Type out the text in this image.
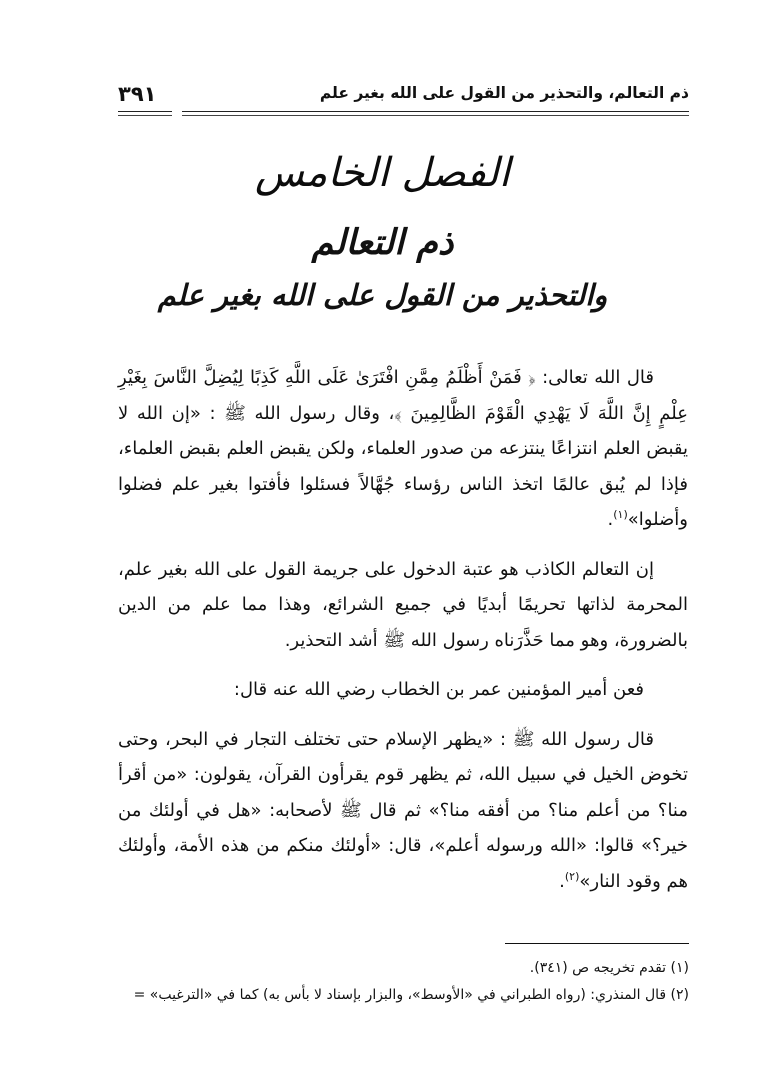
ذم التعالم، والتحذير من القول على الله بغير علم
٣٩١
الفصل الخامس
ذم التعالم
والتحذير من القول على الله بغير علم

قال الله تعالى: ﴿ فَمَنْ أَظْلَمُ مِمَّنِ افْتَرَىٰ عَلَى اللَّهِ كَذِبًا لِيُضِلَّ النَّاسَ بِغَيْرِ عِلْمٍ إِنَّ اللَّهَ لَا يَهْدِي الْقَوْمَ الظَّالِمِينَ ﴾، وقال رسول الله ﷺ : «إن الله لا يقبض العلم انتزاعًا ينتزعه من صدور العلماء، ولكن يقبض العلم بقبض العلماء، فإذا لم يُبق عالمًا اتخذ الناس رؤساء جُهَّالاً فسئلوا فأفتوا بغير علم فضلوا وأضلوا»$^{(١)}$.

إن التعالم الكاذب هو عتبة الدخول على جريمة القول على الله بغير علم، المحرمة لذاتها تحريمًا أبديًا في جميع الشرائع، وهذا مما علم من الدين بالضرورة، وهو مما حَذَّرَناه رسول الله ﷺ أشد التحذير.

فعن أمير المؤمنين عمر بن الخطاب رضي الله عنه قال:

قال رسول الله ﷺ : «يظهر الإسلام حتى تختلف التجار في البحر، وحتى تخوض الخيل في سبيل الله، ثم يظهر قوم يقرأون القرآن، يقولون: «من أقرأ منا؟ من أعلم منا؟ من أفقه منا؟» ثم قال ﷺ لأصحابه: «هل في أولئك من خير؟» قالوا: «الله ورسوله أعلم»، قال: «أولئك منكم من هذه الأمة، وأولئك هم وقود النار»$^{(٢)}$.

(١) تقدم تخريجه ص (٣٤١).

(٢) قال المنذري: (رواه الطبراني في «الأوسط»، والبزار بإسناد لا بأس به) كما في «الترغيب» =
